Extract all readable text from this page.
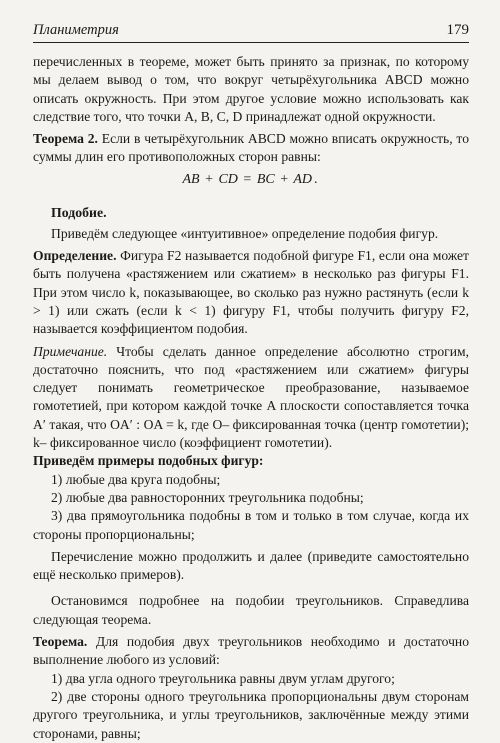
Планиметрия	179

перечисленных в теореме, может быть принято за признак, по которому мы делаем вывод о том, что вокруг четырёхугольника ABCD можно описать окружность. При этом другое условие можно использовать как следствие того, что точки A, B, C, D принадлежат одной окружности.

Теорема 2. Если в четырёхугольник ABCD можно вписать окружность, то суммы длин его противоположных сторон равны:

AB + CD = BC + AD .
Подобие.

Приведём следующее «интуитивное» определение подобия фигур.

Определение. Фигура F2 называется подобной фигуре F1, если она может быть получена «растяжением или сжатием» в несколько раз фигуры F1. При этом число k, показывающее, во сколько раз нужно растянуть (если k > 1) или сжать (если k < 1) фигуру F1, чтобы получить фигуру F2, называется коэффициентом подобия.

Примечание. Чтобы сделать данное определение абсолютно строгим, достаточно пояснить, что под «растяжением или сжатием» фигуры следует понимать геометрическое преобразование, называемое гомотетией, при котором каждой точке A плоскости сопоставляется точка A′ такая, что OA′ : OA = k, где O– фиксированная точка (центр гомотетии); k– фиксированное число (коэффициент гомотетии).

Приведём примеры подобных фигур:

1) любые два круга подобны;

2) любые два равносторонних треугольника подобны;

3) два прямоугольника подобны в том и только в том случае, когда их стороны пропорциональны;

Перечисление можно продолжить и далее (приведите самостоятельно ещё несколько примеров).

Остановимся подробнее на подобии треугольников. Справедлива следующая теорема.

Теорема. Для подобия двух треугольников необходимо и достаточно выполнение любого из условий:

1) два угла одного треугольника равны двум углам другого;

2) две стороны одного треугольника пропорциональны двум сторонам другого треугольника, и углы треугольников, заключённые между этими сторонами, равны;
